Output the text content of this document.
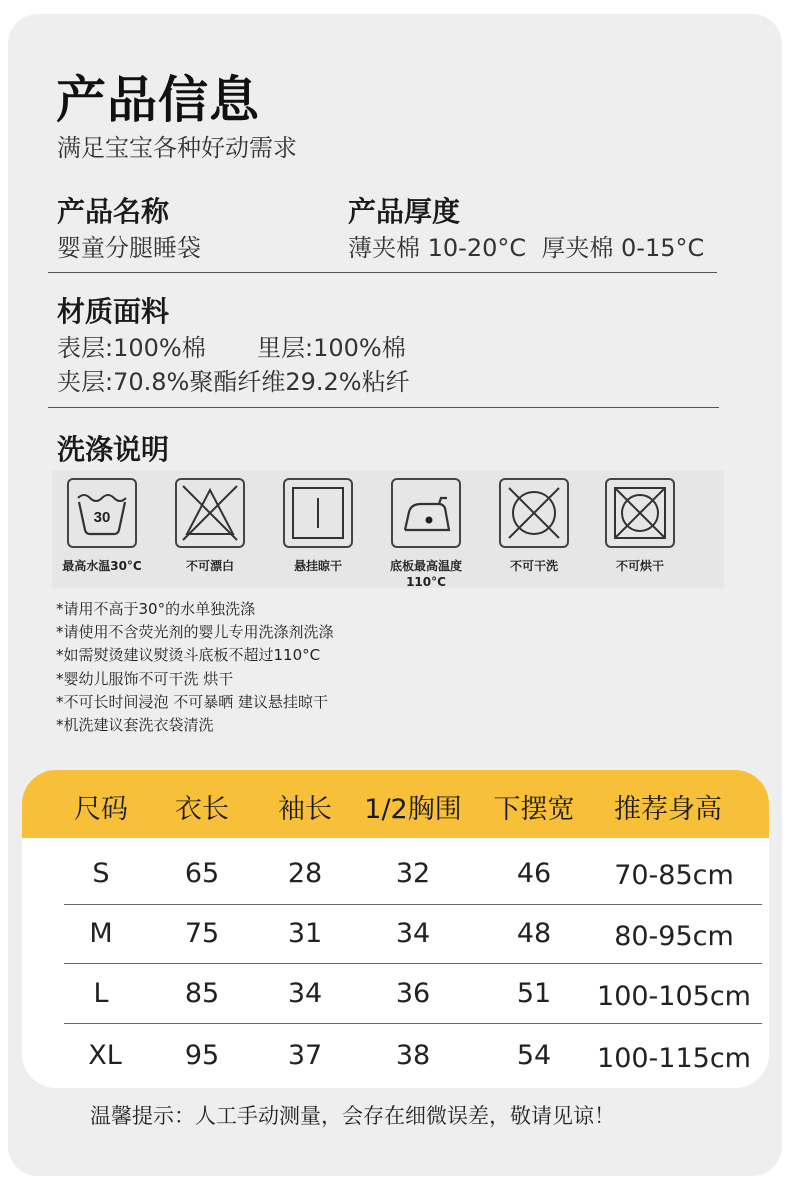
产品信息
满足宝宝各种好动需求
产品名称
婴童分腿睡袋
产品厚度
薄夹棉 10-20°C  厚夹棉 0-15°C
材质面料
表层:100%棉 里层:100%棉
夹层:70.8%聚酯纤维29.2%粘纤
洗涤说明
30
最高水温30°C	不可漂白	悬挂晾干	底板最高温度
110°C
不可干洗	不可烘干
*请用不高于30°的水单独洗涤
*请使用不含荧光剂的婴儿专用洗涤剂洗涤
*如需熨烫建议熨烫斗底板不超过110°C
*婴幼儿服饰不可干洗 烘干
*不可长时间浸泡 不可暴晒 建议悬挂晾干
*机洗建议套洗衣袋清洗
尺码 衣长 袖长 1/2胸围 下摆宽 推荐身高
S	65	28	32	46 70-85cm
M	75	31	34	48 80-95cm
L	85	34	36	51 100-105cm
XL 95	37	38	54 100-115cm
温馨提示：人工手动测量，会存在细微误差，敬请见谅！
